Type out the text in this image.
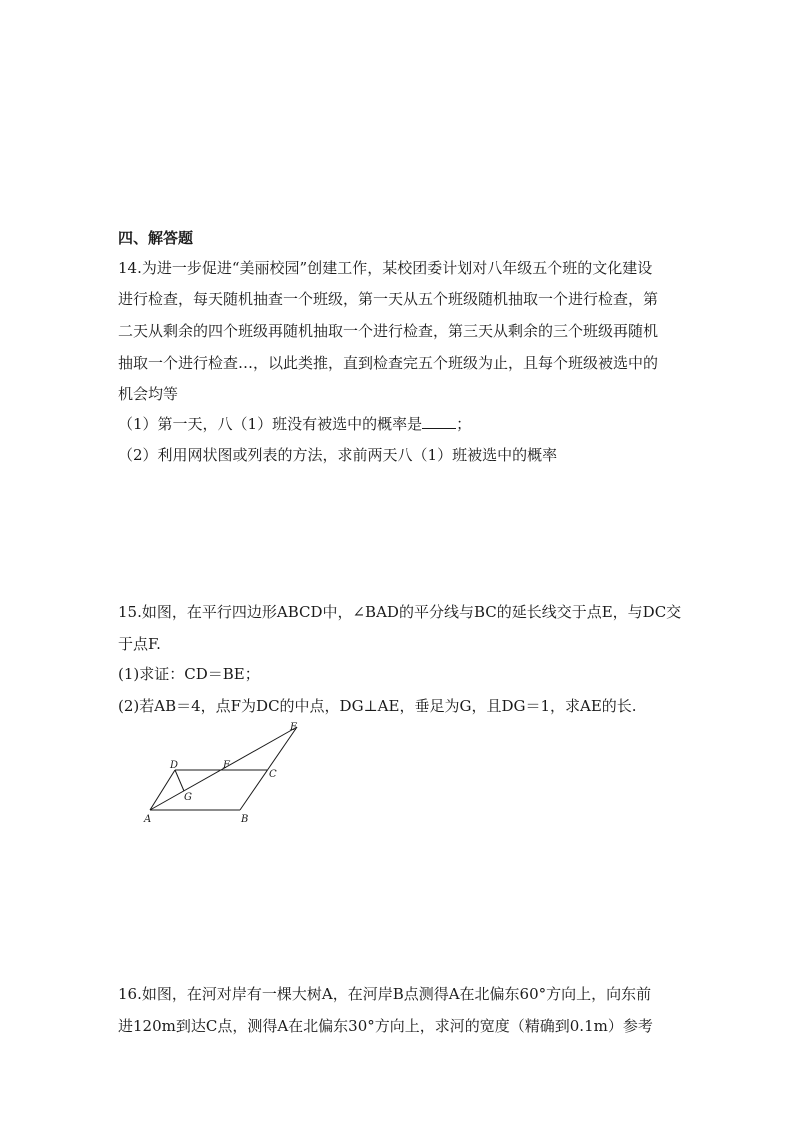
四、解答题
14.为进一步促进“美丽校园”创建工作，某校团委计划对八年级五个班的文化建设
进行检查，每天随机抽查一个班级，第一天从五个班级随机抽取一个进行检查，第
二天从剩余的四个班级再随机抽取一个进行检查，第三天从剩余的三个班级再随机
抽取一个进行检查…，以此类推，直到检查完五个班级为止，且每个班级被选中的
机会均等
（1）第一天，八（1）班没有被选中的概率是 ；
（2）利用网状图或列表的方法，求前两天八（1）班被选中的概率
15.如图，在平行四边形ABCD中，∠BAD的平分线与BC的延长线交于点E，与DC交
于点F.
(1)求证：CD＝BE；
(2)若AB＝4，点F为DC的中点，DG⊥AE，垂足为G，且DG＝1，求AE的长.
E
F
C
D
G
A	B
16.如图，在河对岸有一棵大树A，在河岸B点测得A在北偏东60°方向上，向东前
进120m到达C点，测得A在北偏东30°方向上，求河的宽度（精确到0.1m）参考
